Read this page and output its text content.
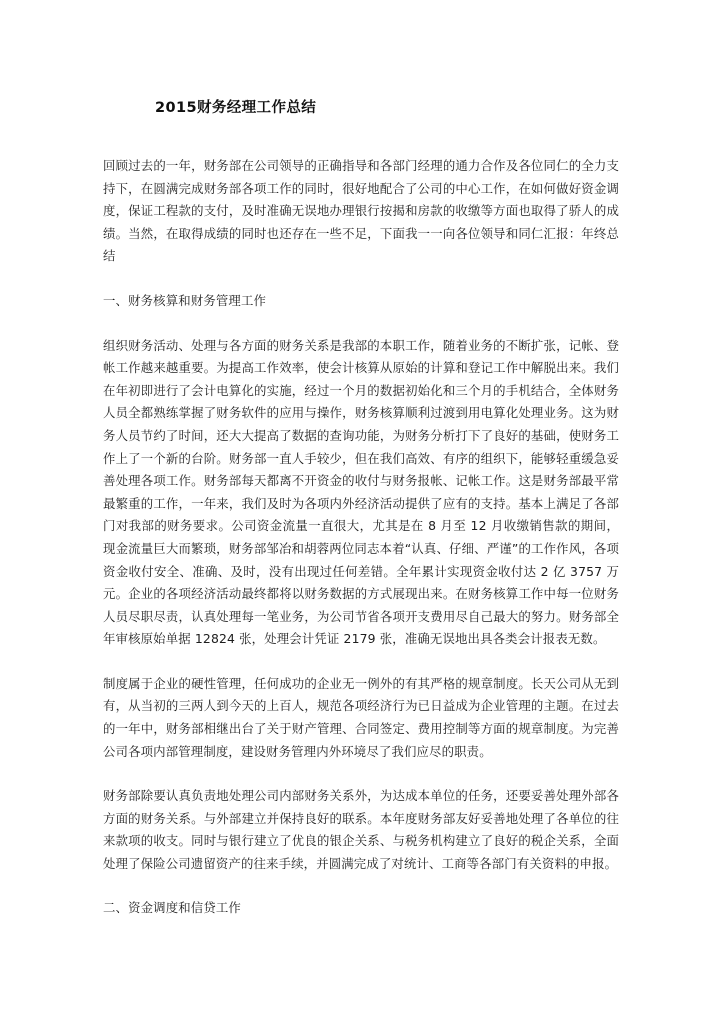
2015财务经理工作总结

回顾过去的一年，财务部在公司领导的正确指导和各部门经理的通力合作及各位同仁的全力支持下，在圆满完成财务部各项工作的同时，很好地配合了公司的中心工作，在如何做好资金调度，保证工程款的支付，及时准确无误地办理银行按揭和房款的收缴等方面也取得了骄人的成绩。当然，在取得成绩的同时也还存在一些不足，下面我一一向各位领导和同仁汇报：年终总结

一、财务核算和财务管理工作

组织财务活动、处理与各方面的财务关系是我部的本职工作，随着业务的不断扩张，记帐、登帐工作越来越重要。为提高工作效率，使会计核算从原始的计算和登记工作中解脱出来。我们在年初即进行了会计电算化的实施，经过一个月的数据初始化和三个月的手机结合，全体财务人员全都熟练掌握了财务软件的应用与操作，财务核算顺利过渡到用电算化处理业务。这为财务人员节约了时间，还大大提高了数据的查询功能，为财务分析打下了良好的基础，使财务工作上了一个新的台阶。财务部一直人手较少，但在我们高效、有序的组织下，能够轻重缓急妥善处理各项工作。财务部每天都离不开资金的收付与财务报帐、记帐工作。这是财务部最平常最繁重的工作，一年来，我们及时为各项内外经济活动提供了应有的支持。基本上满足了各部门对我部的财务要求。公司资金流量一直很大，尤其是在 8 月至 12 月收缴销售款的期间，现金流量巨大而繁琐，财务部邹冶和胡蓉两位同志本着“认真、仔细、严谨”的工作作风，各项资金收付安全、准确、及时，没有出现过任何差错。全年累计实现资金收付达 2 亿 3757 万元。企业的各项经济活动最终都将以财务数据的方式展现出来。在财务核算工作中每一位财务人员尽职尽责，认真处理每一笔业务，为公司节省各项开支费用尽自己最大的努力。财务部全年审核原始单据 12824 张，处理会计凭证 2179 张，准确无误地出具各类会计报表无数。

制度属于企业的硬性管理，任何成功的企业无一例外的有其严格的规章制度。长天公司从无到有，从当初的三两人到今天的上百人，规范各项经济行为已日益成为企业管理的主题。在过去的一年中，财务部相继出台了关于财产管理、合同签定、费用控制等方面的规章制度。为完善公司各项内部管理制度，建设财务管理内外环境尽了我们应尽的职责。

财务部除要认真负责地处理公司内部财务关系外，为达成本单位的任务，还要妥善处理外部各方面的财务关系。与外部建立并保持良好的联系。本年度财务部友好妥善地处理了各单位的往来款项的收支。同时与银行建立了优良的银企关系、与税务机构建立了良好的税企关系，全面处理了保险公司遗留资产的往来手续，并圆满完成了对统计、工商等各部门有关资料的申报。

二、资金调度和信贷工作
